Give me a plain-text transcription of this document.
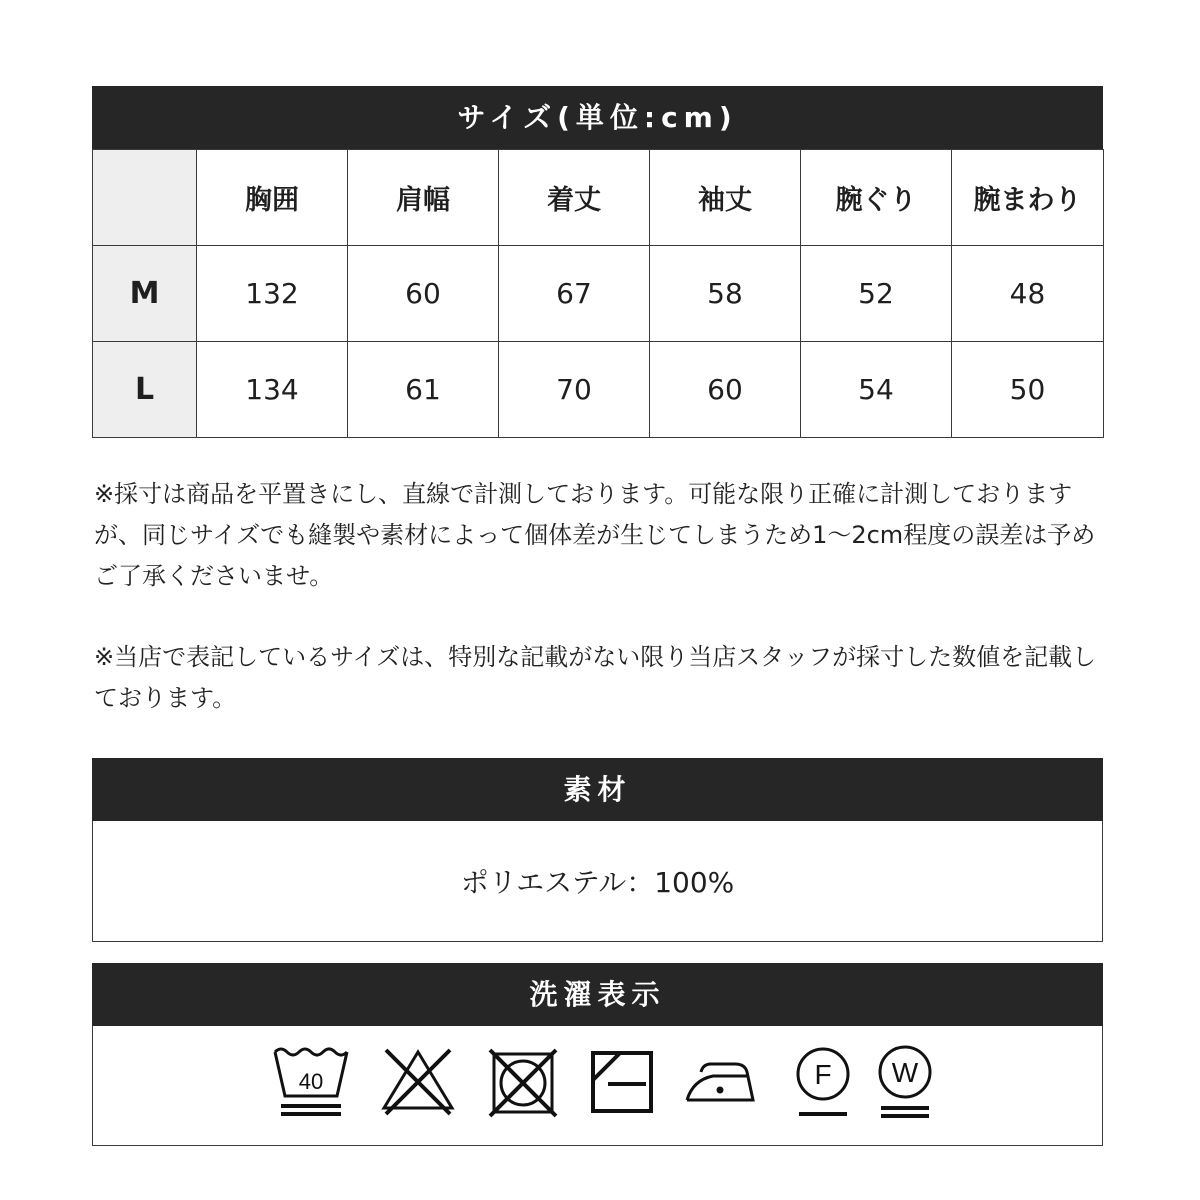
サイズ(単位:cm)
	胸囲	肩幅	着丈	袖丈	腕ぐり	腕まわり
M	132	60	67	58	52	48
L	134	61	70	60	54	50
※採寸は商品を平置きにし、直線で計測しております。可能な限り正確に計測しておりますが、同じサイズでも縫製や素材によって個体差が生じてしまうため1～2cm程度の誤差は予めご了承くださいませ。
※当店で表記しているサイズは、特別な記載がない限り当店スタッフが採寸した数値を記載しております。
素材
ポリエステル：100%
洗濯表示
40	F W
